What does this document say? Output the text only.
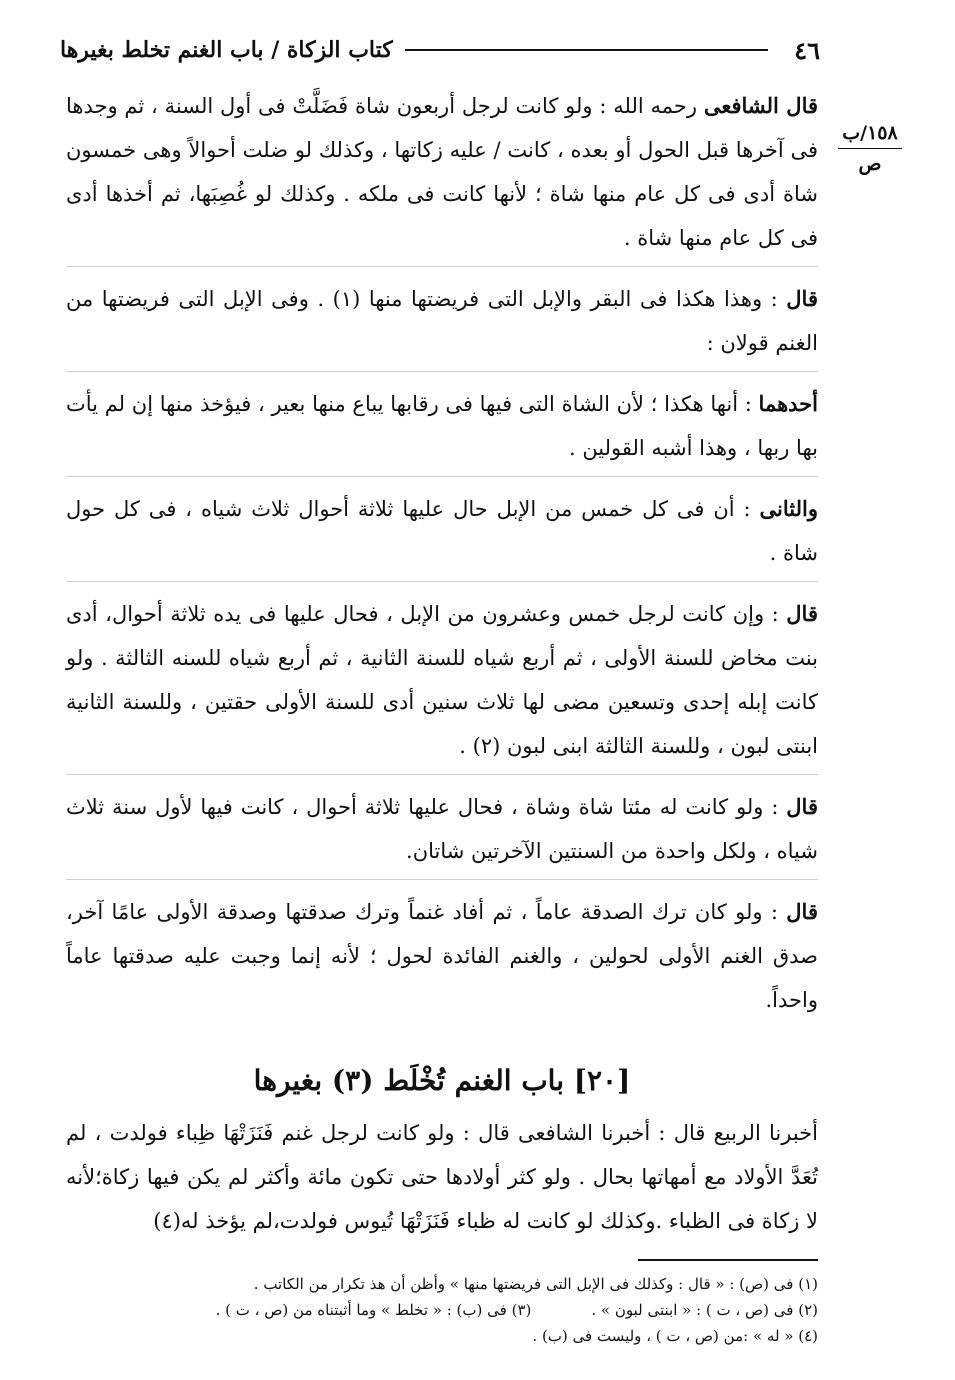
٤٦
كتاب الزكاة / باب الغنم تخلط بغيرها
١٥٨/ب
ص

قال الشافعى رحمه الله : ولو كانت لرجل أربعون شاة فَضَلَّتْ فى أول السنة ، ثم وجدها فى آخرها قبل الحول أو بعده ، كانت / عليه زكاتها ، وكذلك لو ضلت أحوالاً وهى خمسون شاة أدى فى كل عام منها شاة ؛ لأنها كانت فى ملكه . وكذلك لو غُصِبَها، ثم أخذها أدى فى كل عام منها شاة .

قال : وهذا هكذا فى البقر والإبل التى فريضتها منها (١) . وفى الإبل التى فريضتها من الغنم قولان :

أحدهما : أنها هكذا ؛ لأن الشاة التى فيها فى رقابها يباع منها بعير ، فيؤخذ منها إن لم يأت بها ربها ، وهذا أشبه القولين .

والثانى : أن فى كل خمس من الإبل حال عليها ثلاثة أحوال ثلاث شياه ، فى كل حول شاة .

قال : وإن كانت لرجل خمس وعشرون من الإبل ، فحال عليها فى يده ثلاثة أحوال، أدى بنت مخاض للسنة الأولى ، ثم أربع شياه للسنة الثانية ، ثم أربع شياه للسنه الثالثة . ولو كانت إبله إحدى وتسعين مضى لها ثلاث سنين أدى للسنة الأولى حقتين ، وللسنة الثانية ابنتى لبون ، وللسنة الثالثة ابنى لبون (٢) .

قال : ولو كانت له مئتا شاة وشاة ، فحال عليها ثلاثة أحوال ، كانت فيها لأول سنة ثلاث شياه ، ولكل واحدة من السنتين الآخرتين شاتان.

قال : ولو كان ترك الصدقة عاماً ، ثم أفاد غنماً وترك صدقتها وصدقة الأولى عامًا آخر، صدق الغنم الأولى لحولين ، والغنم الفائدة لحول ؛ لأنه إنما وجبت عليه صدقتها عاماً واحداً.

[٢٠] باب الغنم تُخْلَط (٣) بغيرها

أخبرنا الربيع قال : أخبرنا الشافعى قال : ولو كانت لرجل غنم فَنَزَتْهَا ظِباء فولدت ، لم تُعَدَّ الأولاد مع أمهاتها بحال . ولو كثر أولادها حتى تكون مائة وأكثر لم يكن فيها زكاة؛لأنه لا زكاة فى الظباء .وكذلك لو كانت له ظباء فَنَزَتْهَا تُيوس فولدت،لم يؤخذ له(٤)

(١) فى (ص) : « قال : وكذلك فى الإبل التى فريضتها منها » وأظن أن هذ تكرار من الكاتب .
(٢) فى (ص ، ت ) : « ابنتى لبون » .
(٣) فى (ب) : « تخلط » وما أثبتناه من (ص ، ت ) .
(٤) « له » :من (ص ، ت ) ، وليست فى (ب) .
